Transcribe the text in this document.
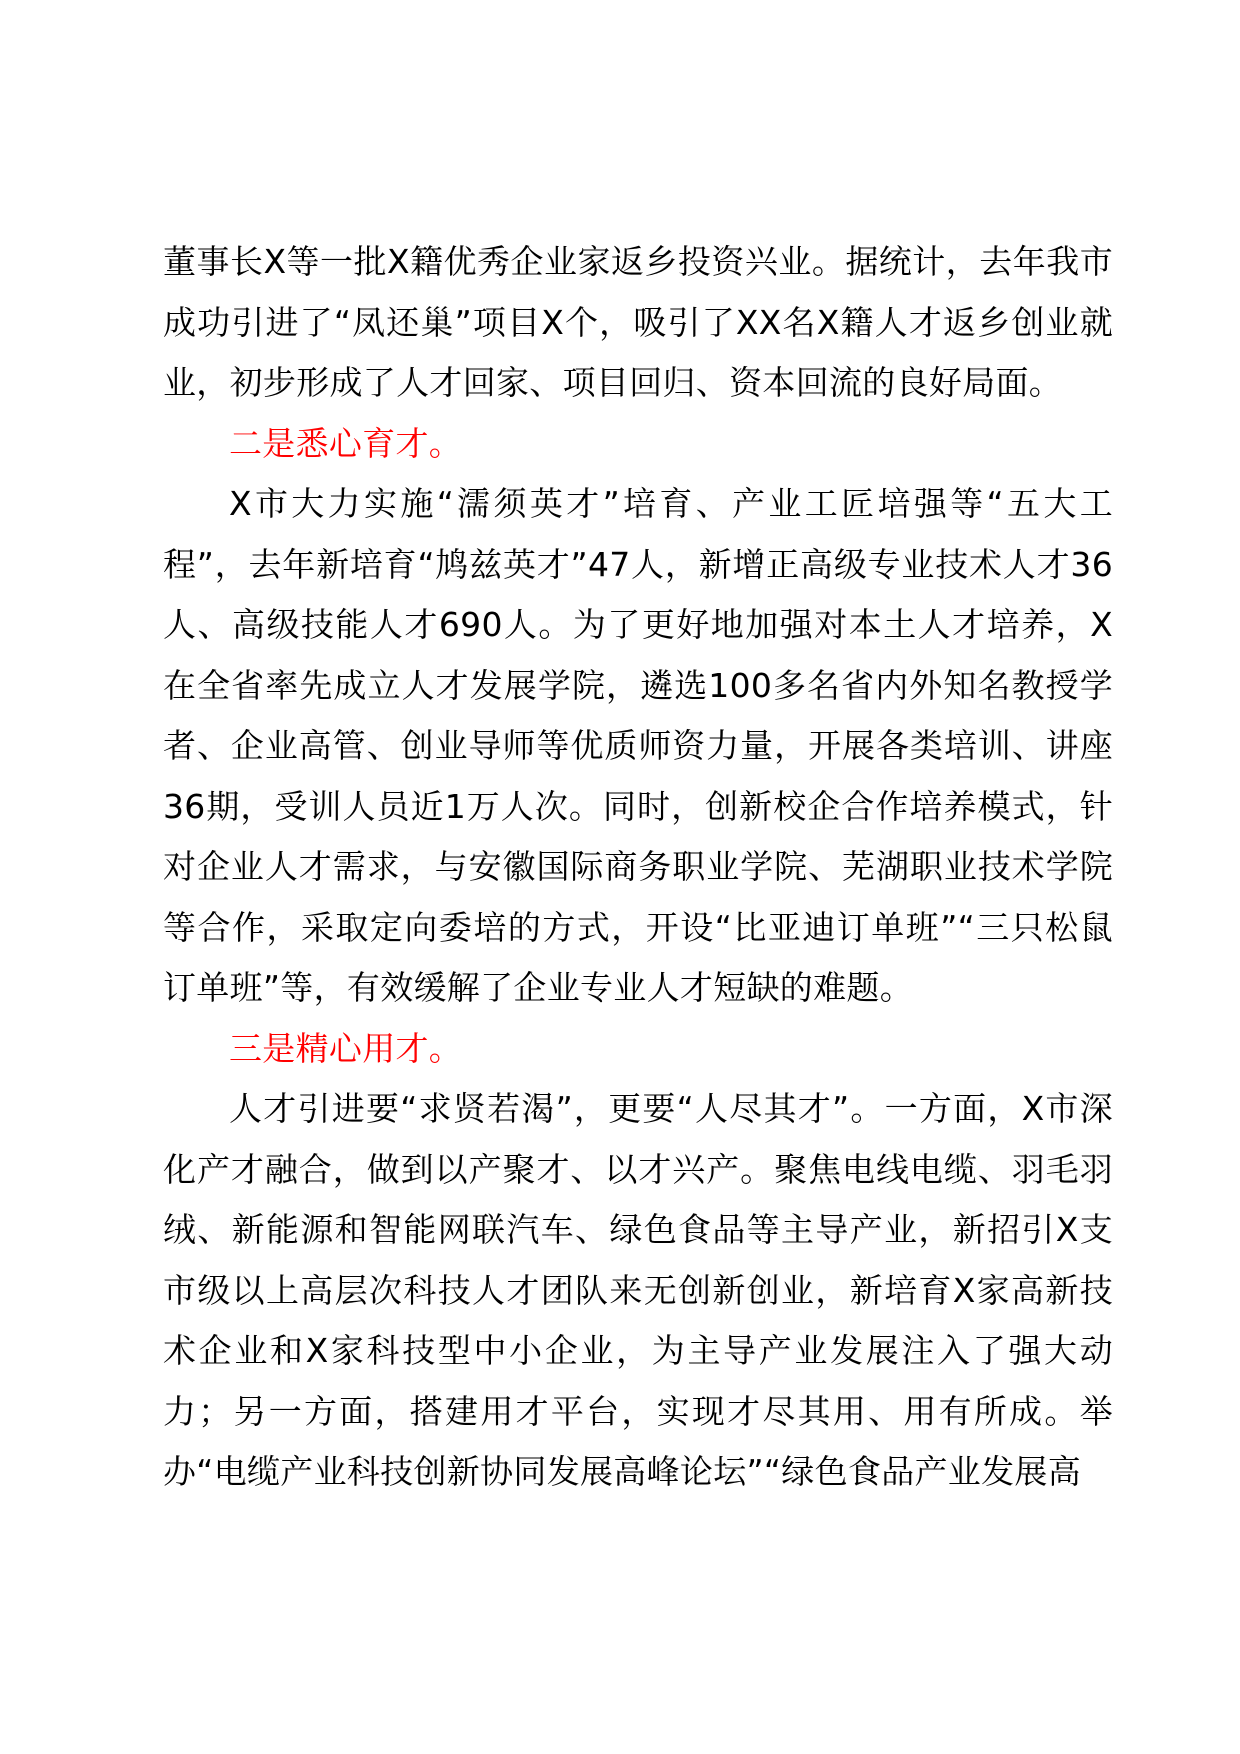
董事长X等一批X籍优秀企业家返乡投资兴业。据统计，去年我市成功引进了“凤还巢”项目X个，吸引了XX名X籍人才返乡创业就业，初步形成了人才回家、项目回归、资本回流的良好局面。

二是悉心育才。

X市大力实施“濡须英才”培育、产业工匠培强等“五大工程”，去年新培育“鸠兹英才”47人，新增正高级专业技术人才36人、高级技能人才690人。为了更好地加强对本土人才培养，X在全省率先成立人才发展学院，遴选100多名省内外知名教授学者、企业高管、创业导师等优质师资力量，开展各类培训、讲座36期，受训人员近1万人次。同时，创新校企合作培养模式，针对企业人才需求，与安徽国际商务职业学院、芜湖职业技术学院等合作，采取定向委培的方式，开设“比亚迪订单班”“三只松鼠订单班”等，有效缓解了企业专业人才短缺的难题。

三是精心用才。

人才引进要“求贤若渴”，更要“人尽其才”。一方面，X市深化产才融合，做到以产聚才、以才兴产。聚焦电线电缆、羽毛羽绒、新能源和智能网联汽车、绿色食品等主导产业，新招引X支市级以上高层次科技人才团队来无创新创业，新培育X家高新技术企业和X家科技型中小企业，为主导产业发展注入了强大动力；另一方面，搭建用才平台，实现才尽其用、用有所成。举办“电缆产业科技创新协同发展高峰论坛”“绿色食品产业发展高
